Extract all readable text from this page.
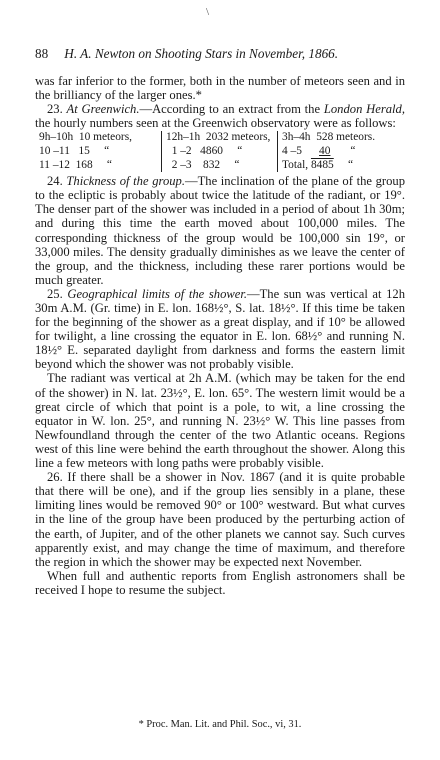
\
88 H. A. Newton on Shooting Stars in November, 1866.

was far inferior to the former, both in the number of meteors seen and in the brilliancy of the larger ones.*

23. At Greenwich.—According to an extract from the London Herald, the hourly numbers seen at the Greenwich observatory were as follows:

9h–10h  10 meteors,
10 –11   15     “
11 –12  168     “
12h–1h  2032 meteors,
1 –2   4860     “
2 –3    832     “
3h–4h 528 meteors.
4 –5 40 “
Total, 8485 “

24. Thickness of the group.—The inclination of the plane of the group to the ecliptic is probably about twice the latitude of the radiant, or 19°. The denser part of the shower was included in a period of about 1h 30m; and during this time the earth moved about 100,000 miles. The corresponding thickness of the group would be 100,000 sin 19°, or 33,000 miles. The density gradually diminishes as we leave the center of the group, and the thickness, including these rarer portions would be much greater.

25. Geographical limits of the shower.—The sun was vertical at 12h 30m A.M. (Gr. time) in E. lon. 168½°, S. lat. 18½°. If this time be taken for the beginning of the shower as a great display, and if 10° be allowed for twilight, a line crossing the equator in E. lon. 68½° and running N. 18½° E. separated daylight from darkness and forms the eastern limit beyond which the shower was not probably visible.

The radiant was vertical at 2h A.M. (which may be taken for the end of the shower) in N. lat. 23½°, E. lon. 65°. The western limit would be a great circle of which that point is a pole, to wit, a line crossing the equator in W. lon. 25°, and running N. 23½° W. This line passes from Newfoundland through the center of the two Atlantic oceans. Regions west of this line were behind the earth throughout the shower. Along this line a few meteors with long paths were probably visible.

26. If there shall be a shower in Nov. 1867 (and it is quite probable that there will be one), and if the group lies sensibly in a plane, these limiting lines would be removed 90° or 100° westward. But what curves in the line of the group have been produced by the perturbing action of the earth, of Jupiter, and of the other planets we cannot say. Such curves apparently exist, and may change the time of maximum, and therefore the region in which the shower may be expected next November.

When full and authentic reports from English astronomers shall be received I hope to resume the subject.

* Proc. Man. Lit. and Phil. Soc., vi, 31.
